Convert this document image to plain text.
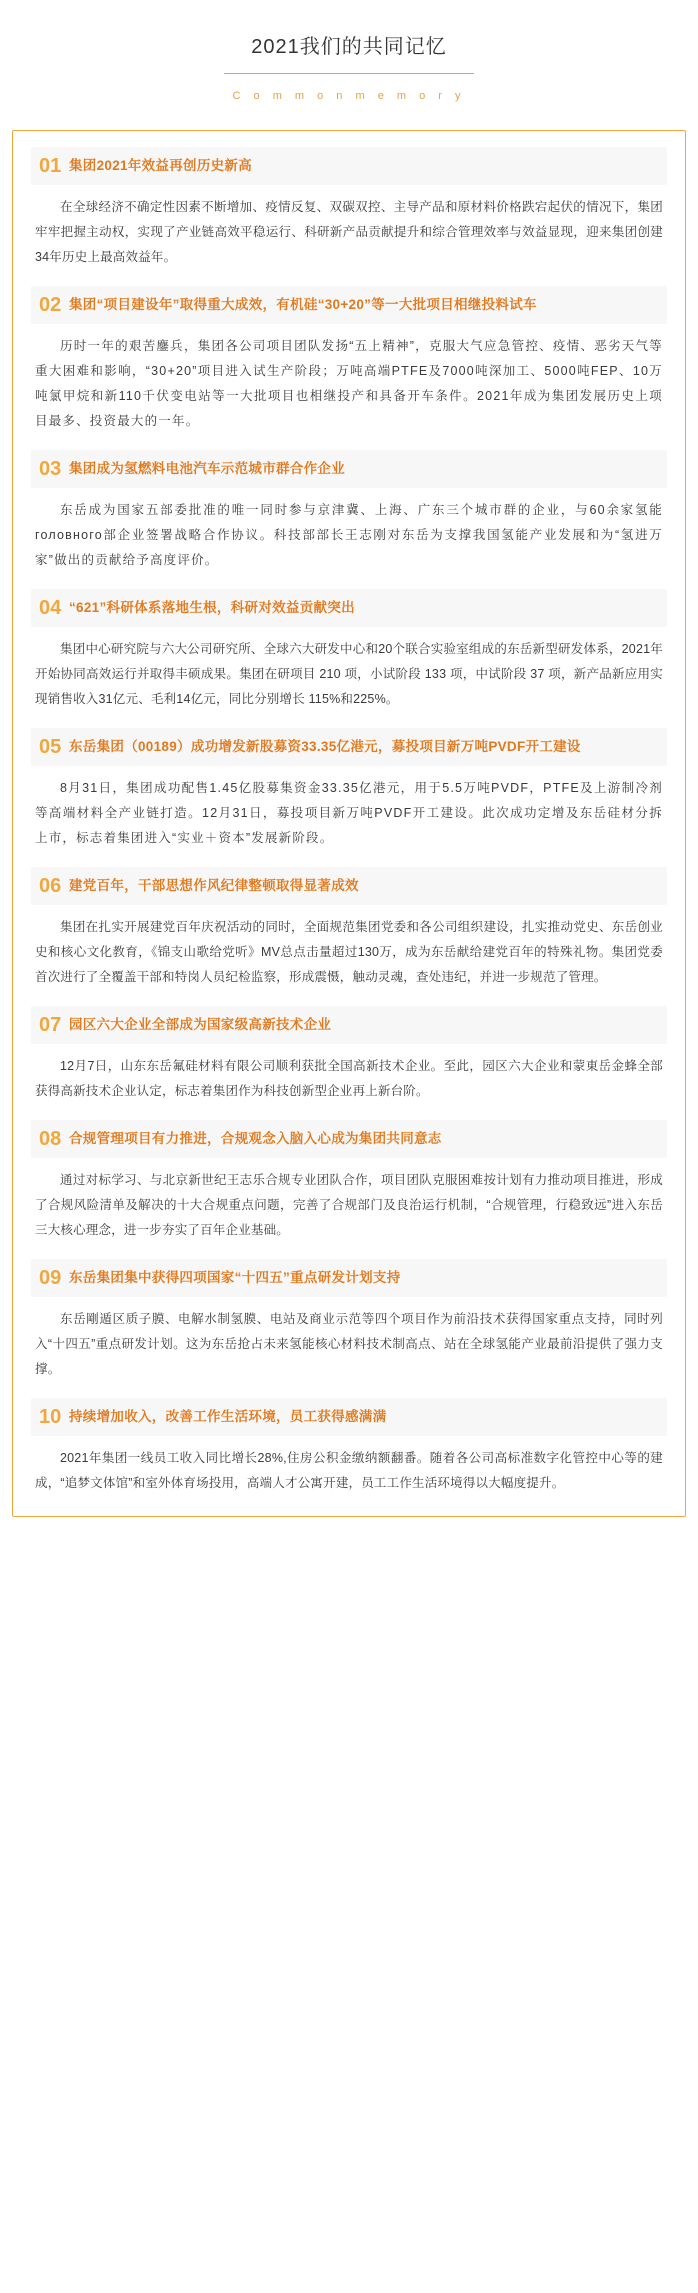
2021我们的共同记忆
C o m m o n m e m o r y
01 集团2021年效益再创历史新高
在全球经济不确定性因素不断增加、疫情反复、双碳双控、主导产品和原材料价格跌宕起伏的情况下，集团牢牢把握主动权，实现了产业链高效平稳运行、科研新产品贡献提升和综合管理效率与效益显现，迎来集团创建34年历史上最高效益年。
02 集团“项目建设年”取得重大成效，有机硅“30+20”等一大批项目相继投料试车
历时一年的艰苦鏖兵，集团各公司项目团队发扬“五上精神”，克服大气应急管控、疫情、恶劣天气等重大困难和影响，“30+20”项目进入试生产阶段；万吨高端PTFE及7000吨深加工、5000吨FEP、10万吨氯甲烷和新110千伏变电站等一大批项目也相继投产和具备开车条件。2021年成为集团发展历史上项目最多、投资最大的一年。
03 集团成为氢燃料电池汽车示范城市群合作企业
东岳成为国家五部委批准的唯一同时参与京津冀、上海、广东三个城市群的企业，与60余家氢能головного部企业签署战略合作协议。科技部部长王志刚对东岳为支撑我国氢能产业发展和为“氢进万家”做出的贡献给予高度评价。
04 “621”科研体系落地生根，科研对效益贡献突出
集团中心研究院与六大公司研究所、全球六大研发中心和20个联合实验室组成的东岳新型研发体系，2021年开始协同高效运行并取得丰硕成果。集团在研项目 210 项，小试阶段 133 项，中试阶段 37 项，新产品新应用实现销售收入31亿元、毛利14亿元，同比分别增长 115%和225%。
05 东岳集团（00189）成功增发新股募资33.35亿港元，募投项目新万吨PVDF开工建设
8月31日，集团成功配售1.45亿股募集资金33.35亿港元，用于5.5万吨PVDF，PTFE及上游制冷剂等高端材料全产业链打造。12月31日，募投项目新万吨PVDF开工建设。此次成功定增及东岳硅材分拆上市，标志着集团进入“实业＋资本”发展新阶段。
06 建党百年，干部思想作风纪律整顿取得显著成效
集团在扎实开展建党百年庆祝活动的同时，全面规范集团党委和各公司组织建设，扎实推动党史、东岳创业史和核心文化教育，《锦支山歌给党听》MV总点击量超过130万，成为东岳献给建党百年的特殊礼物。集团党委首次进行了全覆盖干部和特岗人员纪检监察，形成震慑，触动灵魂，查处违纪，并进一步规范了管理。
07 园区六大企业全部成为国家级高新技术企业
12月7日，山东东岳氟硅材料有限公司顺利获批全国高新技术企业。至此，园区六大企业和蒙東岳金蜂全部获得高新技术企业认定，标志着集团作为科技创新型企业再上新台阶。
08 合规管理项目有力推进，合规观念入脑入心成为集团共同意志
通过对标学习、与北京新世纪王志乐合规专业团队合作，项目团队克服困难按计划有力推动项目推进，形成了合规风险清单及解决的十大合规重点问题，完善了合规部门及良治运行机制，“合规管理，行稳致远”进入东岳三大核心理念，进一步夯实了百年企业基础。
09 东岳集团集中获得四项国家“十四五”重点研发计划支持
东岳剛遁区质子膜、电解水制氢膜、电站及商业示范等四个项目作为前沿技术获得国家重点支持，同时列入“十四五”重点研发计划。这为东岳抢占未来氢能核心材料技术制高点、站在全球氢能产业最前沿提供了强力支撑。
10 持续增加收入，改善工作生活环境，员工获得感满满
2021年集团一线员工收入同比增长28%,住房公积金缴纳额翻番。随着各公司高标准数字化管控中心等的建成，“追梦文体馆”和室外体育场投用，高端人才公寓开建，员工工作生活环境得以大幅度提升。
